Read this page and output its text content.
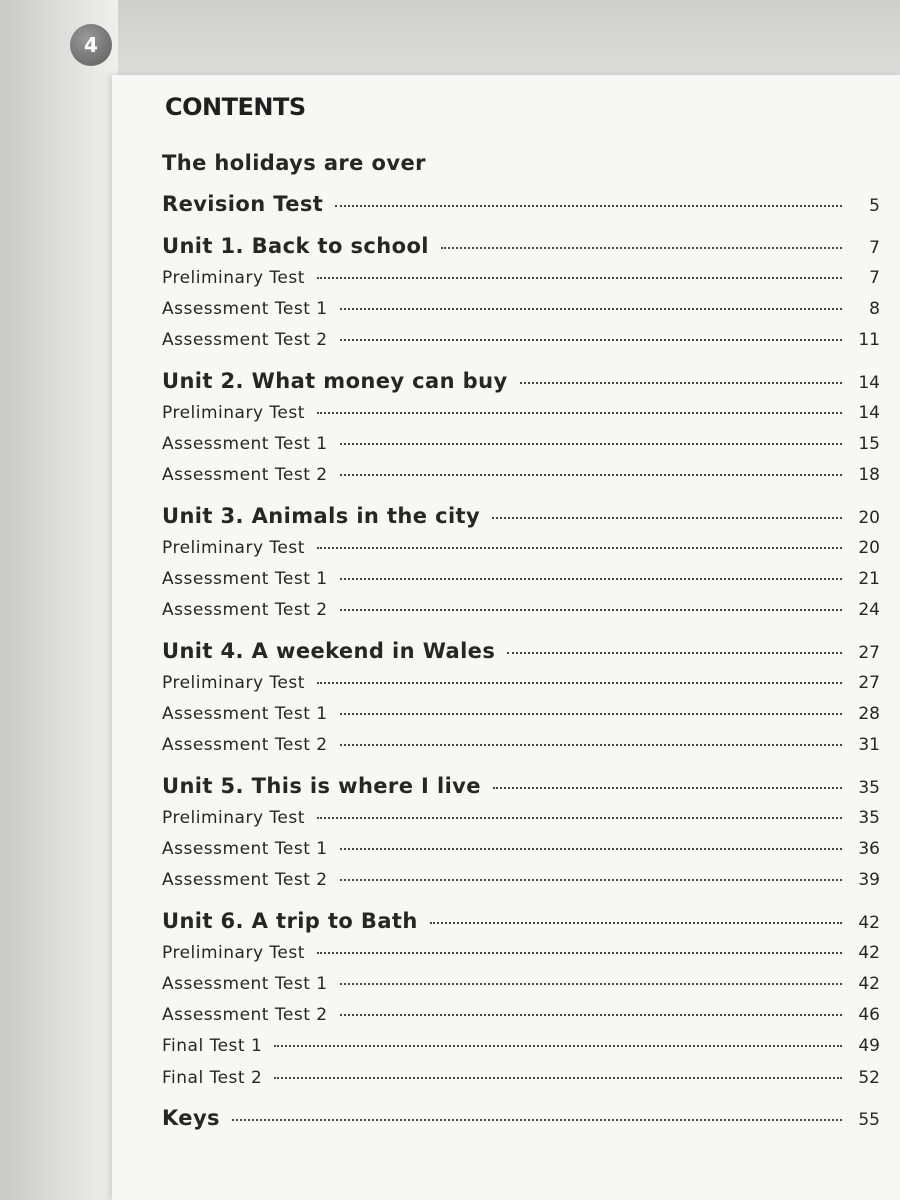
4
CONTENTS
The holidays are over
Revision Test	5
Unit 1. Back to school	7
Preliminary Test	7
Assessment Test 1	8
Assessment Test 2	11
Unit 2. What money can buy	14
Preliminary Test	14
Assessment Test 1	15
Assessment Test 2	18
Unit 3. Animals in the city	20
Preliminary Test	20
Assessment Test 1	21
Assessment Test 2	24
Unit 4. A weekend in Wales	27
Preliminary Test	27
Assessment Test 1	28
Assessment Test 2	31
Unit 5. This is where I live	35
Preliminary Test	35
Assessment Test 1	36
Assessment Test 2	39
Unit 6. A trip to Bath	42
Preliminary Test	42
Assessment Test 1	42
Assessment Test 2	46
Final Test 1	49
Final Test 2	52
Keys	55
